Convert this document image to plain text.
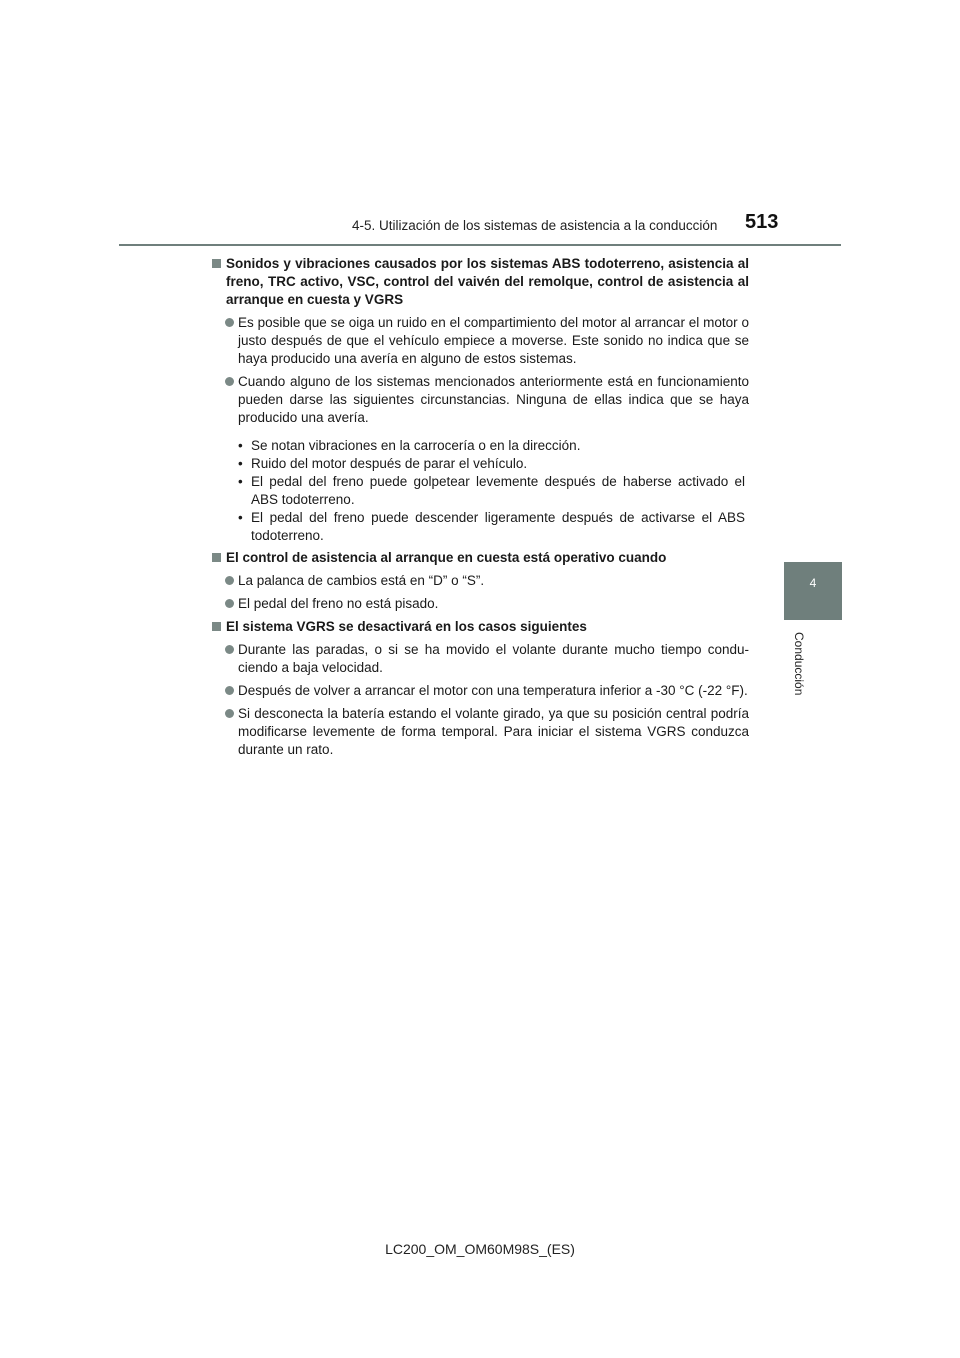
4-5. Utilización de los sistemas de asistencia a la conducción 513
4
Conducción
Sonidos y vibraciones causados por los sistemas ABS todoterreno, asistencia al freno, TRC activo, VSC, control del vaivén del remolque, control de asistencia al arranque en cuesta y VGRS
Es posible que se oiga un ruido en el compartimiento del motor al arrancar el motor o justo después de que el vehículo empiece a moverse. Este sonido no indica que se haya producido una avería en alguno de estos sistemas.
Cuando alguno de los sistemas mencionados anteriormente está en funcionamiento pueden darse las siguientes circunstancias. Ninguna de ellas indica que se haya producido una avería.
• Se notan vibraciones en la carrocería o en la dirección.
• Ruido del motor después de parar el vehículo.
• El pedal del freno puede golpetear levemente después de haberse activado el ABS todoterreno.
• El pedal del freno puede descender ligeramente después de activarse el ABS todoterreno.
El control de asistencia al arranque en cuesta está operativo cuando
La palanca de cambios está en “D” o “S”.
El pedal del freno no está pisado.
El sistema VGRS se desactivará en los casos siguientes
Durante las paradas, o si se ha movido el volante durante mucho tiempo condu-ciendo a baja velocidad.
Después de volver a arrancar el motor con una temperatura inferior a -30 °C (-22 °F).
Si desconecta la batería estando el volante girado, ya que su posición central podría modificarse levemente de forma temporal. Para iniciar el sistema VGRS conduzca durante un rato.
LC200_OM_OM60M98S_(ES)
